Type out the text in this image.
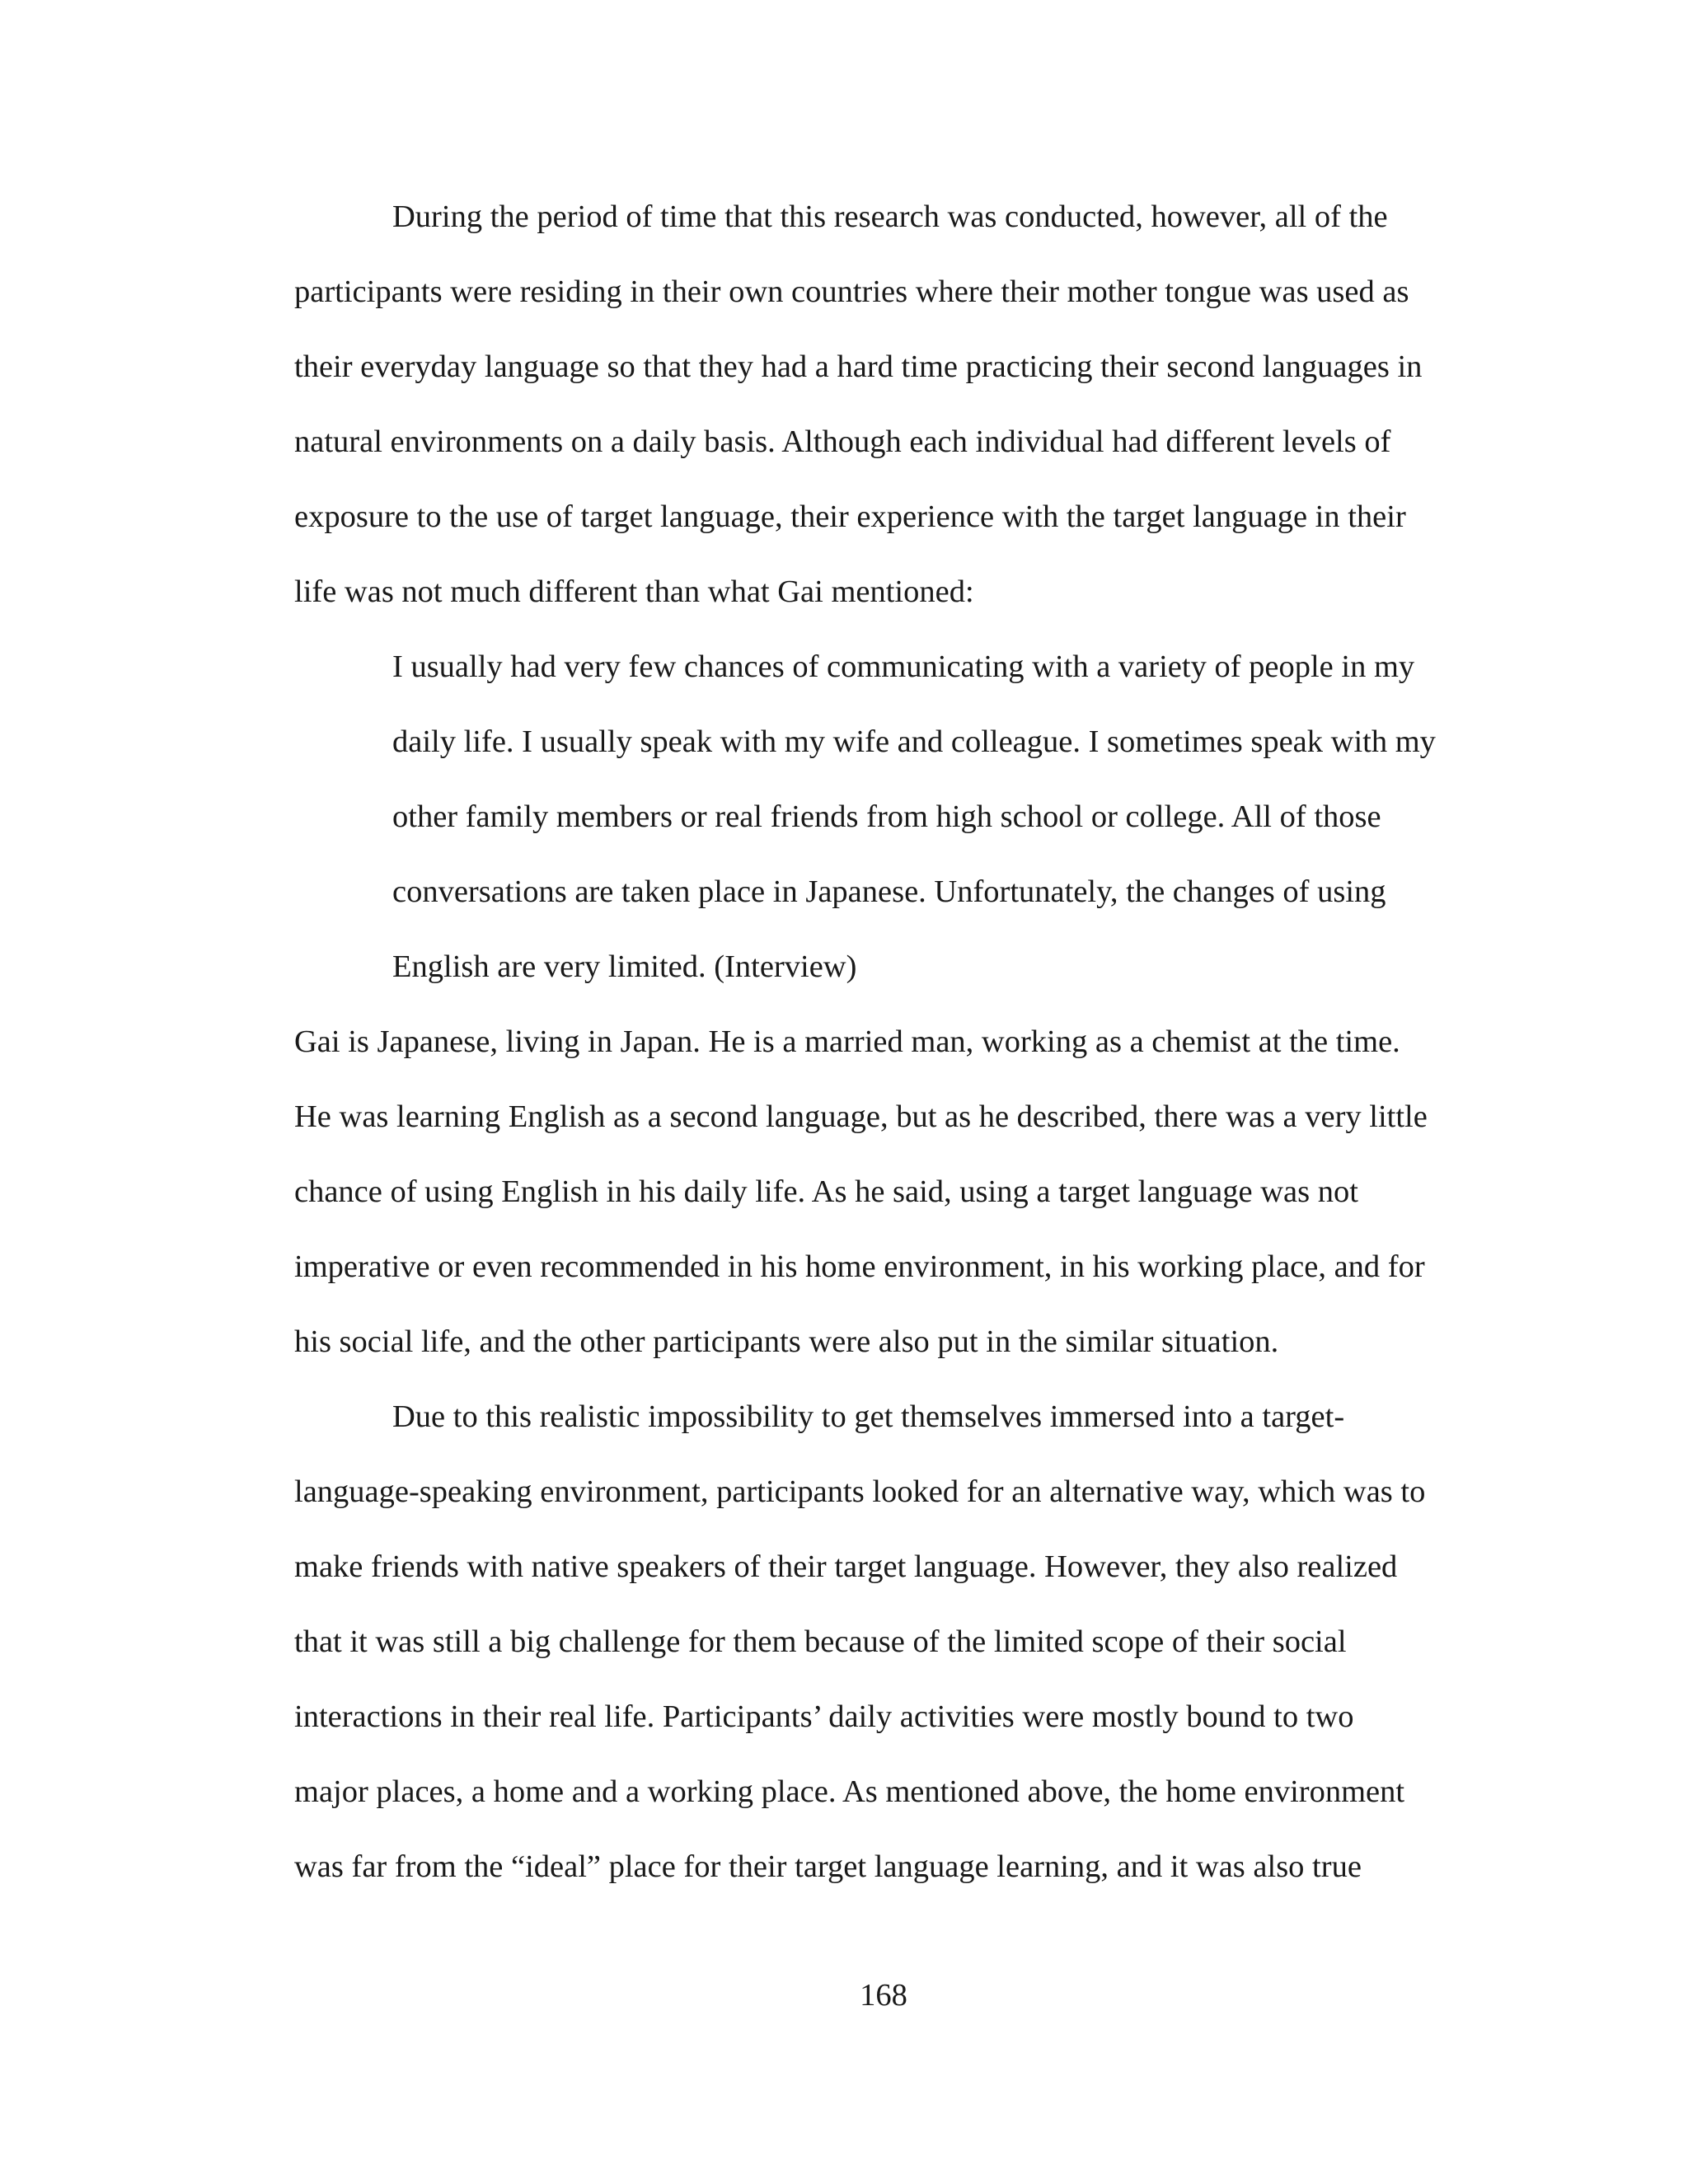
During the period of time that this research was conducted, however, all of the
participants were residing in their own countries where their mother tongue was used as
their everyday language so that they had a hard time practicing their second languages in
natural environments on a daily basis. Although each individual had different levels of
exposure to the use of target language, their experience with the target language in their
life was not much different than what Gai mentioned:
I usually had very few chances of communicating with a variety of people in my
daily life. I usually speak with my wife and colleague. I sometimes speak with my
other family members or real friends from high school or college. All of those
conversations are taken place in Japanese. Unfortunately, the changes of using
English are very limited. (Interview)
Gai is Japanese, living in Japan. He is a married man, working as a chemist at the time.
He was learning English as a second language, but as he described, there was a very little
chance of using English in his daily life. As he said, using a target language was not
imperative or even recommended in his home environment, in his working place, and for
his social life, and the other participants were also put in the similar situation.
Due to this realistic impossibility to get themselves immersed into a target-
language-speaking environment, participants looked for an alternative way, which was to
make friends with native speakers of their target language. However, they also realized
that it was still a big challenge for them because of the limited scope of their social
interactions in their real life. Participants’ daily activities were mostly bound to two
major places, a home and a working place. As mentioned above, the home environment
was far from the “ideal” place for their target language learning, and it was also true
168
